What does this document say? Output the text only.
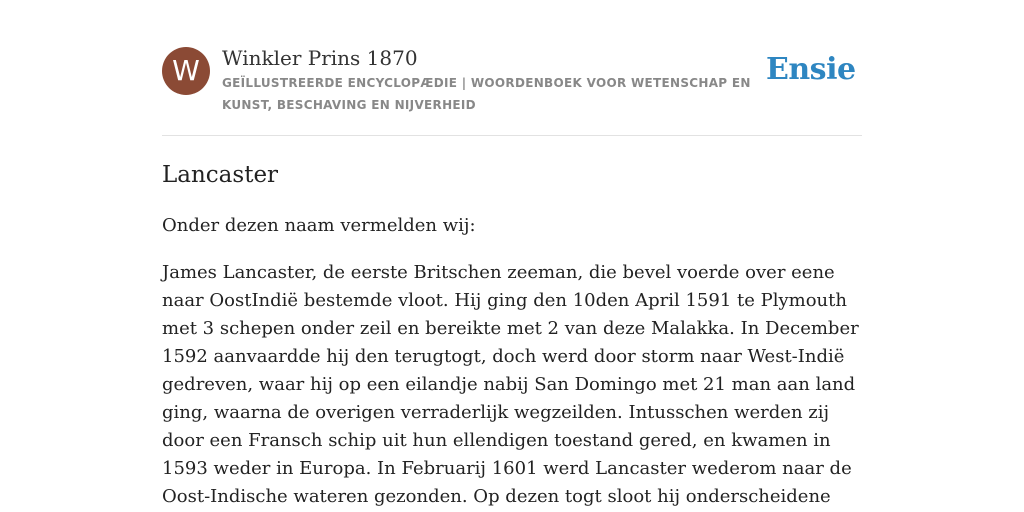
W	Winkler Prins 1870
GEÏLLUSTREERDE ENCYCLOPÆDIE | WOORDENBOEK VOOR WETENSCHAP EN KUNST, BESCHAVING EN NIJVERHEID
Ensie
Lancaster

Onder dezen naam vermelden wij:

James Lancaster, de eerste Britschen zeeman, die bevel voerde over eene naar OostIndië bestemde vloot. Hij ging den 10den April 1591 te Plymouth met 3 schepen onder zeil en bereikte met 2 van deze Malakka. In December 1592 aanvaardde hij den terugtogt, doch werd door storm naar West-Indië gedreven, waar hij op een eilandje nabij San Domingo met 21 man aan land ging, waarna de overigen verraderlijk wegzeilden. Intusschen werden zij door een Fransch schip uit hun ellendigen toestand gered, en kwamen in 1593 weder in Europa. In Februarij 1601 werd Lancaster wederom naar de Oost-Indische wateren gezonden. Op dezen togt sloot hij onderscheidene
